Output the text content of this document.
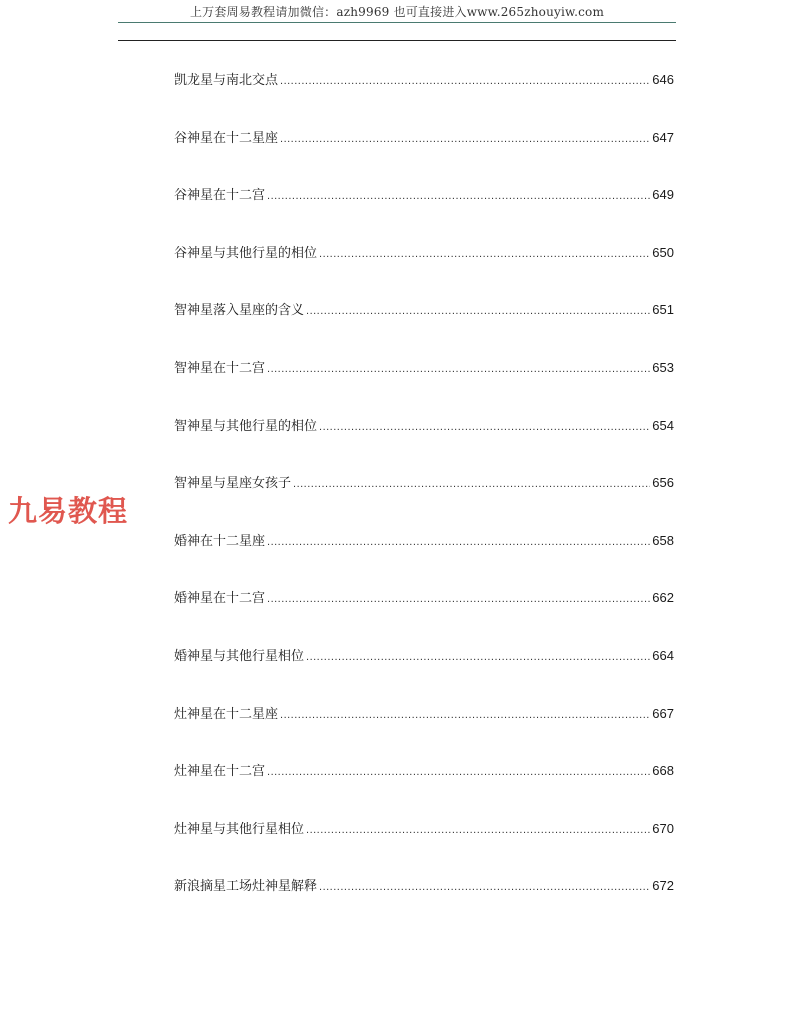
上万套周易教程请加微信：azh9969 也可直接进入www.265zhouyiw.com
凯龙星与南北交点 .....	646
谷神星在十二星座 .....	647
谷神星在十二宫 .....	649
谷神星与其他行星的相位 .....	650
智神星落入星座的含义 .....	651
智神星在十二宫 .....	653
智神星与其他行星的相位 .....	654
智神星与星座女孩子 .....	656
婚神在十二星座 .....	658
婚神星在十二宫 .....	662
婚神星与其他行星相位 .....	664
灶神星在十二星座 .....	667
灶神星在十二宫 .....	668
灶神星与其他行星相位 .....	670
新浪摘星工场灶神星解释 .....	672
九易教程
